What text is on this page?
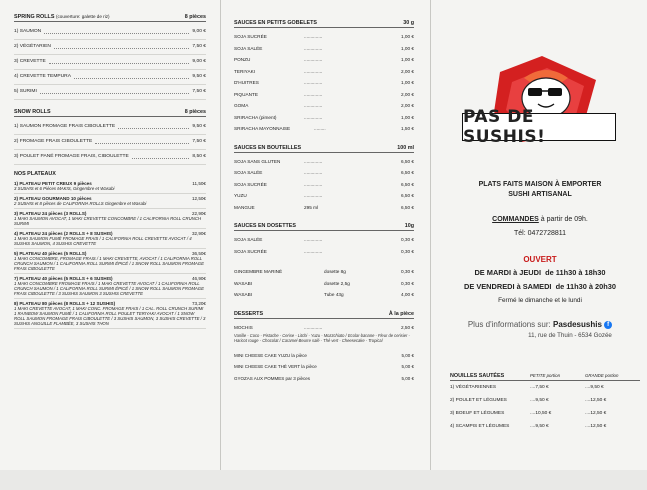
SPRING ROLLS (couverture: galette de riz)	8 pièces
1) SAUMON	9,00 €
2) VÉGÉTARIEN	7,50 €
3) CREVETTE	9,00 €
4) CREVETTE TEMPURA	9,50 €
5) SURIMI	7,50 €
SNOW ROLLS	8 pièces
1) SAUMON FROMAGE FRAIS CIBOULETTE	9,50 €
2) FROMAGE FRAIS CIBOULETTE	7,50 €
3) POULET PANÉ FROMAGE FRAIS, CIBOULETTE	8,50 €
NOS PLATEAUX
1) PLATEAU PETIT CREUX 9 pièces	11,50€
3 SUSHIS et 6 Pièces MAKIS, Gingembre et Wasabi
2) PLATEAU GOURMAND 10 pièces	12,50€
2 SUSHIS et 8 pièces de CALIFORNIA ROLLS Gingembre et Wasabi
3) PLATEAU 24 pièces (3 ROLLS)	22,90€
1 MAKI SAUMON AVOCAT, 1 MAKI CREVETTE CONCOMBRE / 1 CALIFORNIA ROLL CRUNCH SURIMI
4) PLATEAU 24 pièces (2 ROLLS + 8 SUSHIS)	32,90€
1 MAKI SAUMON FUMÉ FROMAGE FRAIS / 1 CALIFORNIA ROLL CREVETTE AVOCAT / 4 SUSHIS SAUMON, 4 SUSHIS CREVETTE
5) PLATEAU 40 pièces (5 ROLLS)	36,50€
1 MAKI CONCOMBRE, FROMAGE FRAIS / 1 MAKI CREVETTE, AVOCAT / 1 CALIFORNIA ROLL CRUNCH SAUMON / 1 CALIFORNIA ROLL SURIMI ÉPICÉ / 1 SNOW ROLL SAUMON FROMAGE FRAIS CIBOULETTE
7) PLATEAU 40 pièces (5 ROLLS + 6 SUSHIS)	46,90€
1 MAKI CONCOMBRE FROMAGE FRAIS / 1 MAKI CREVETTE AVOCAT / 1 CALIFORNIA ROLL CRUNCH SAUMON / 1 CALIFORNIA ROLL SURIMI ÉPICÉ / 1 SNOW ROLL SAUMON FROMAGE FRAIS CIBOULETTE / 3 SUSHIS SAUMON 3 SUSHIS CREVETTE
8) PLATEAU 80 pièces (8 ROLLS + 12 SUSHIS)	73,20€
1 MAKI CREVETTE AVOCAT, 1 MAKI CONC. FROMAGE FRAIS / 1 CAL. ROLL CRUNCH SURIMI 1 RAINBOW SAUMON FUMÉ / 1 CALIFORNIA ROLL POULET TERIYAKI AVOCAT / 1 SNOW ROLL SAUMON FROMAGE FRAIS CIBOULETTE / 3 SUSHIS SAUMON, 3 SUSHIS CREVETTE / 3 SUSHIS ANGUILLE FLAMBÉE, 3 SUSHIS THON
SAUCES EN PETITS GOBELETS	30 g
SOJA SUCRÉE	..............	1,00 €
SOJA SALÉE	..............	1,00 €
PONZU	..............	1,00 €
TERIYAKI	..............	2,00 €
D'HUITRES	..............	1,00 €
PIQUANTE	..............	2,00 €
GOMA	..............	2,00 €
SRIRACHA (piment)	..............	1,00 €
SRIRACHA MAYONNAISE	.........	1,50 €
SAUCES EN BOUTEILLES	100 ml
SOJA SANS GLUTEN	..............	6,50 €
SOJA SALÉE	..............	6,50 €
SOJA SUCRÉE	..............	6,50 €
YUZU	..............	6,50 €
MANGUE	295 ml	6,50 €
SAUCES EN DOSETTES	10g
SOJA SALÉE	..............	0,30 €
SOJA SUCRÉE	..............	0,30 €
GINGEMBRE MARINÉ	dosette 8g	0,30 €
WASABI	dosette 2,5g	0,30 €
WASABI	Tube 43g	4,00 €
DESSERTS	À la pièce
MOCHIS	..............	2,50 €
Vanille - Coco - Pistache - Cerise - Litchi - Yuzu - Mozzchiato / Ecolar-banane - Fleur de cerisier - Haricot rouge - Chocolat / Caramel-Beurre salé - Thé vert - Cheesecake - Tropical
MINI CHEESE CAKE YUZU la pièce	5,00 €
MINI CHEESE CAKE THÉ VERT la pièce	5,00 €
GYOZAS AUX POMMES par 3 pièces	5,00 €
PAS DE SUSHIS!
PLATS FAITS MAISON À EMPORTER
SUSHI ARTISANAL
COMMANDES à partir de 09h.
Tél: 0472728811
OUVERT
DE MARDI à JEUDI de 11h30 à 18h30
DE VENDREDI à SAMEDI de 11h30 à 20h30
Fermé le dimanche et le lundi
Plus d'informations sur: Pasdesushis f
11, rue de Thuin - 6534 Gozée
NOUILLES SAUTÉES	PETITE portion	GRANDE portion
1) VÉGÉTARIENNES	....7,50 €	....9,50 €
2) POULET ET LÉGUMES	....9,50 €	....12,50 €
3) BOEUF ET LÉGUMES	....10,50 €	....12,50 €
4) SCAMPIS ET LÉGUMES	....9,50 €	....12,50 €
